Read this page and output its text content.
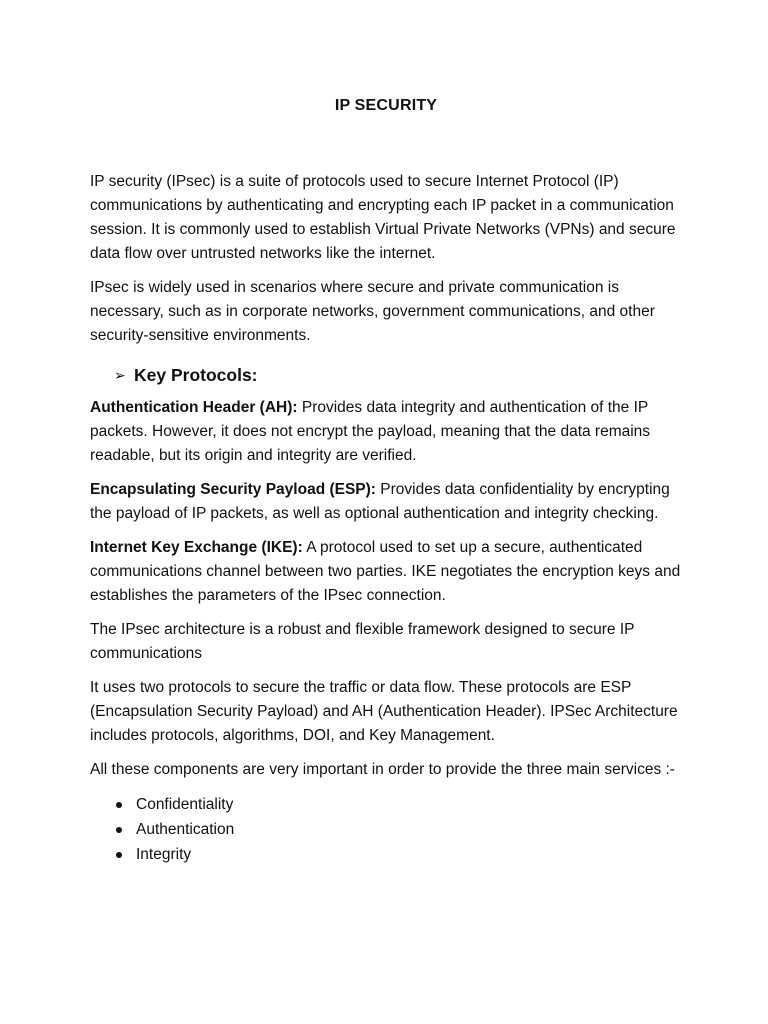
IP SECURITY

IP security (IPsec) is a suite of protocols used to secure Internet Protocol (IP) communications by authenticating and encrypting each IP packet in a communication session. It is commonly used to establish Virtual Private Networks (VPNs) and secure data flow over untrusted networks like the internet.

IPsec is widely used in scenarios where secure and private communication is necessary, such as in corporate networks, government communications, and other security-sensitive environments.

➢ Key Protocols:

Authentication Header (AH): Provides data integrity and authentication of the IP packets. However, it does not encrypt the payload, meaning that the data remains readable, but its origin and integrity are verified.

Encapsulating Security Payload (ESP): Provides data confidentiality by encrypting the payload of IP packets, as well as optional authentication and integrity checking.

Internet Key Exchange (IKE): A protocol used to set up a secure, authenticated communications channel between two parties. IKE negotiates the encryption keys and establishes the parameters of the IPsec connection.

The IPsec architecture is a robust and flexible framework designed to secure IP communications

It uses two protocols to secure the traffic or data flow. These protocols are ESP (Encapsulation Security Payload) and AH (Authentication Header). IPSec Architecture includes protocols, algorithms, DOI, and Key Management.

All these components are very important in order to provide the three main services :-

Confidentiality
Authentication
Integrity
